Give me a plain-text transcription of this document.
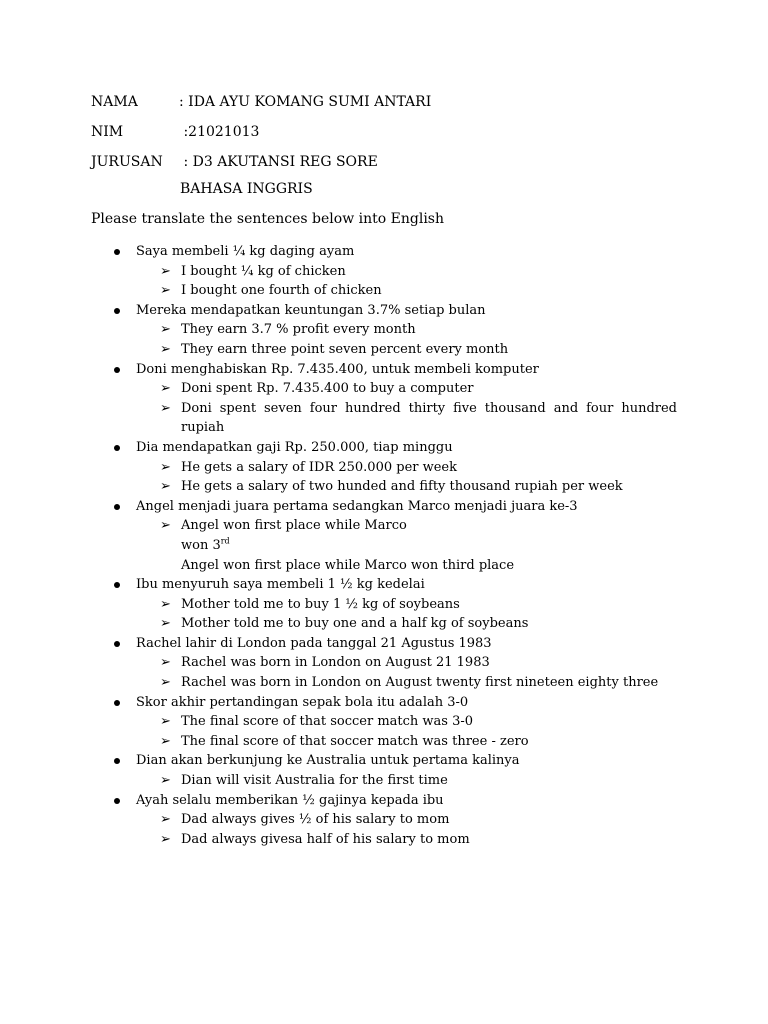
NAMA	: IDA AYU KOMANG SUMI ANTARI
NIM	:21021013
JURUSAN : D3 AKUTANSI REG SORE
BAHASA INGGRIS
Please translate the sentences below into English
Saya membeli ¼ kg daging ayam
➢ I bought ¼ kg of chicken
➢ I bought one fourth of chicken
Mereka mendapatkan keuntungan 3.7% setiap bulan
➢ They earn 3.7 % profit every month
➢ They earn three point seven percent every month
Doni menghabiskan Rp. 7.435.400, untuk membeli komputer
➢ Doni spent Rp. 7.435.400 to buy a computer
➢ Doni spent seven four hundred thirty five thousand and four hundred rupiah
Dia mendapatkan gaji Rp. 250.000, tiap minggu
➢ He gets a salary of IDR 250.000 per week
➢ He gets a salary of two hunded and fifty thousand rupiah per week
Angel menjadi juara pertama sedangkan Marco menjadi juara ke-3
➢ Angel won first place while Marco
won 3rd
Angel won first place while Marco won third place
Ibu menyuruh saya membeli 1 ½ kg kedelai
➢ Mother told me to buy 1 ½ kg of soybeans
➢ Mother told me to buy one and a half kg of soybeans
Rachel lahir di London pada tanggal 21 Agustus 1983
➢ Rachel was born in London on August 21 1983
➢ Rachel was born in London on August twenty first nineteen eighty three
Skor akhir pertandingan sepak bola itu adalah 3-0
➢ The final score of that soccer match was 3-0
➢ The final score of that soccer match was three - zero
Dian akan berkunjung ke Australia untuk pertama kalinya
➢ Dian will visit Australia for the first time
Ayah selalu memberikan ½ gajinya kepada ibu
➢ Dad always gives ½ of his salary to mom
➢ Dad always givesa half of his salary to mom
